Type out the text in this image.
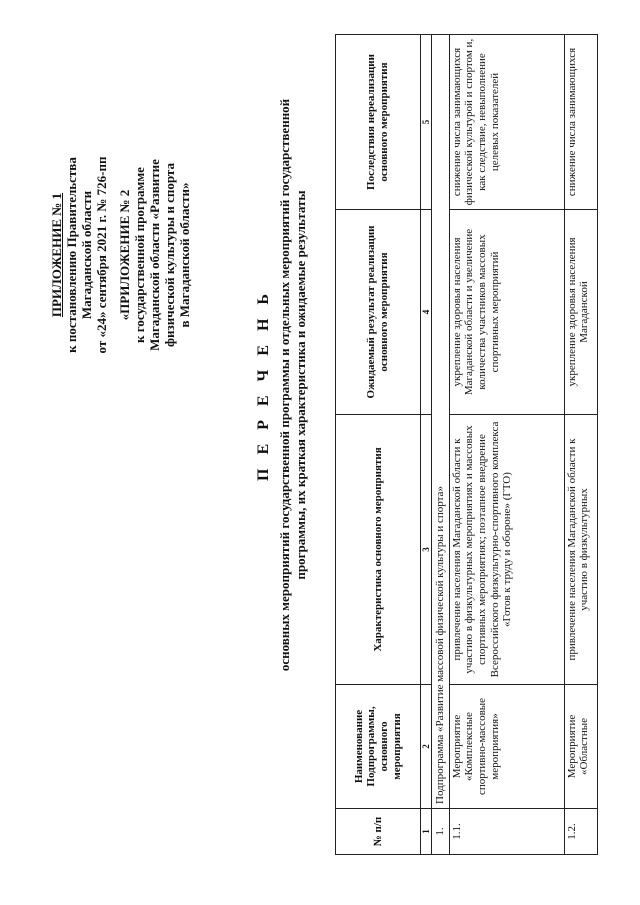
ПРИЛОЖЕНИЕ № 1 к постановлению Правительства Магаданской области от «24» сентября 2021 г. № 726-пп «ПРИЛОЖЕНИЕ № 2 к государственной программе Магаданской области «Развитие физической культуры и спорта в Магаданской области»
П Е Р Е Ч Е Н Ь основных мероприятий государственной программы и отдельных мероприятий государственной программы, их краткая характеристика и ожидаемые результаты
№ п/п	Наименование Подпрограммы, основного мероприятия	Характеристика основного мероприятия	Ожидаемый результат реализации основного мероприятия	Последствия нереализации основного мероприятия
1	2	3	4	5
1.	Подпрограмма «Развитие массовой физической культуры и спорта»			
1.1.	Мероприятие «Комплексные спортивно-массовые мероприятия»	привлечение населения Магаданской области к участию в физкультурных мероприятиях и массовых спортивных мероприятиях; поэтапное внедрение Всероссийского физкультурно-спортивного комплекса «Готов к труду и обороне» (ГТО)	укрепление здоровья населения Магаданской области и увеличение количества участников массовых спортивных мероприятий	снижение числа занимающихся физической культурой и спортом и, как следствие, невыполнение целевых показателей
1.2.	Мероприятие «Областные	привлечение населения Магаданской области к участию в физкультурных	укрепление здоровья населения Магаданской	снижение числа занимающихся
